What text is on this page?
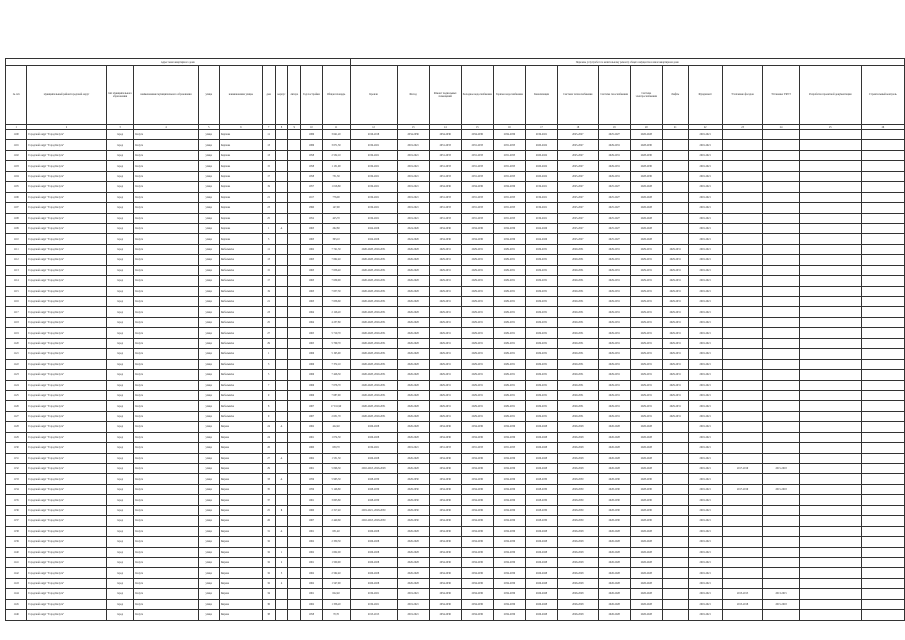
Адрес многоквартирного дома											Перечень услуг/работ по капитальному ремонту общего имущества в многоквартирном доме														
№ п/п	муниципальный район/городской округ	тип муниципального образования	наименование муниципального образования	улица	наименование улицы	дом	корпус	литера	Год постройки	Общая площадь	Кровля	Фасад	Ремонт подвальных помещений	Холодное водоснабжение	Горячее водоснабжение	Канализация	Система теплоснабжения	Система газоснабжения	Система электроснабжения	Лифты	Фундамент	Утепление фасадов	Установка УКУТ	Разработка проектной документации	Строительный контроль
1	2	3	4	5	6	7	8	9	10	11	12	13	14	15	16	17	18	19	20	21	22	23	24	25	26
1100	Городской округ "Город Калуга"	город	Калуга	улица	Карпова	11			1986	3 641,20	2016-2018	2034-2036	2034-2036	2034-2036	2034-2036	2019-2021	2025-2027	2025-2027	2026-2028		2019-2021				
1101	Городской округ "Город Калуга"	город	Калуга	улица	Карпова	13			1986	3 671,30	2019-2021	2019-2021	2031-2033	2031-2033	2031-2033	2020-2022	2025-2027	2029-2031	2028-2030		2019-2021				
1102	Городской округ "Город Калуга"	город	Калуга	улица	Карпова	13			1958	2 532,10	2019-2021	2019-2021	2031-2033	2031-2033	2031-2033	2020-2022	2025-2027	2029-2031	2028-2030		2019-2021				
1103	Городской округ "Город Калуга"	город	Калуга	улица	Карпова	15			1958	1 131,90	2019-2021	2019-2021	2031-2033	2031-2033	2031-2033	2020-2022	2025-2027	2029-2031	2028-2030		2019-2021				
1104	Городской округ "Город Калуга"	город	Калуга	улица	Карпова	17			1958	731,30	2019-2021	2019-2021	2031-2033	2031-2033	2031-2033	2020-2022	2025-2027	2029-2031	2028-2030		2019-2021				
1105	Городской округ "Город Калуга"	город	Калуга	улица	Карпова	19			1957	1 016,80	2019-2021	2019-2021	2034-2036	2034-2036	2034-2036	2019-2021	2025-2027	2025-2027	2026-2028		2019-2021				
1106	Городской округ "Город Калуга"	город	Калуга	улица	Карпова	21			1917	776,00	2019-2021	2019-2021	2031-2033	2031-2033	2031-2033	2019-2021	2025-2027	2025-2027	2026-2028		2019-2021				
1107	Городской округ "Город Калуга"	город	Калуга	улица	Карпова	23			1890	147,90	2019-2021	2019-2021	2031-2033	2031-2033	2031-2033	2019-2021	2025-2027	2025-2027	2026-2028		2019-2021				
1108	Городской овруг "Город Калуга"	город	Калуга	улица	Карпова	25			1952	425,70	2019-2021	2019-2021	2031-2033	2031-2033	2031-2033	2019-2021	2025-2027	2025-2027	2026-2028		2019-2021				
1109	Городской округ "Город Калуга"	город	Калуга	улица	Карпова	1	А		1963	262,80	2024-2026	2024-2026	2034-2036	2034-2036	2034-2036	2024-2026	2025-2027	2025-2027	2026-2028		2019-2021				
1110	Городской округ "Город Калуга"	город	Калуга	улица	Карпова	3			1963	363,10	2024-2026	2024-2026	2034-2036	2034-2036	2034-2036	2024-2026	2025-2027	2025-2027	2026-2028		2019-2021				
1111	Городской округ "Город Калуга"	город	Калуга	улица	Кибальчича	11			1962	7 741,50	2026-2028, 2029-2031	2026-2028	2029-2031	2029-2031	2029-2031	2029-2031	2029-2031	2029-2031	2029-2031	2029-2031	2019-2021				
1112	Городской округ "Город Калуга"	город	Калуга	улица	Кибальчича	13			1963	7 662,40	2026-2028, 2029-2031	2026-2028	2029-2031	2029-2031	2029-2031	2029-2031	2029-2031	2029-2031	2029-2031	2029-2031	2019-2021				
1113	Городской округ "Город Калуга"	город	Калуга	улица	Кибальчича	15			1963	7 656,40	2026-2028, 2029-2031	2026-2028	2029-2031	2029-2031	2029-2031	2029-2031	2029-2031	2029-2031	2029-2031	2029-2031	2019-2021				
1114	Городской округ "Город Калуга"	город	Калуга	улица	Кибальчича	17			1963	7 639,90	2026-2028, 2029-2031	2026-2028	2029-2031	2029-2031	2029-2031	2029-2031	2029-2031	2029-2031	2029-2031	2029-2031	2019-2021				
1115	Городской округ "Город Калуга"	город	Калуга	улица	Кибальчича	19			1963	7 657,30	2026-2028, 2029-2031	2026-2028	2029-2031	2029-2031	2029-2031	2029-2031	2029-2031	2029-2031	2029-2031	2029-2031	2019-2021				
1116	Городской округ "Город Калуга"	город	Калуга	улица	Кибальчича	21			1963	7 656,60	2026-2028, 2029-2031	2026-2028	2029-2031	2029-2031	2029-2031	2029-2031	2029-2031	2029-2031	2029-2031	2029-2031	2019-2021				
1117	Городской округ "Город Калуга"	город	Калуга	улица	Кибальчича	23			1964	2 126,20	2026-2028, 2029-2031	2026-2028	2029-2031	2029-2031	2029-2031	2029-2031	2029-2031	2029-2031	2029-2031	2029-2031	2019-2021				
1118	Городской округ "Город Калуга"	город	Калуга	улица	Кибальчича	25			1964	4 237,80	2026-2028, 2029-2031	2026-2028	2029-2031	2029-2031	2029-2031	2029-2031	2029-2031	2029-2031	2029-2031	2029-2031	2019-2021				
1119	Городской округ "Город Калуга"	город	Калуга	улица	Кибальчича	27			1965	5 710,70	2026-2028, 2029-2031	2026-2028	2029-2031	2029-2031	2029-2031	2029-2031	2029-2031	2029-2031	2029-2031	2029-2031	2019-2021				
1120	Городской округ "Город Калуга"	город	Калуга	улица	Кибальчича	29			1965	5 709,70	2026-2028, 2029-2031	2026-2028	2029-2031	2029-2031	2029-2031	2029-2031	2029-2031	2029-2031	2029-2031	2029-2031	2019-2021				
1121	Городской округ "Город Калуга"	город	Калуга	улица	Кибальчича	1			1966	5 195,90	2026-2028, 2029-2031	2026-2028	2029-2031	2029-2031	2029-2031	2029-2031	2029-2031	2029-2031	2029-2031	2029-2031	2019-2021				
1122	Городской округ "Город Калуга"	город	Калуга	улица	Кибальчича	3			1966	7 372,10	2026-2028, 2029-2031	2026-2028	2029-2031	2029-2031	2029-2031	2029-2031	2029-2031	2029-2031	2029-2031	2029-2031	2019-2021				
1123	Городской округ "Город Калуга"	город	Калуга	улица	Кибальчича	5			1966	7 426,50	2026-2028, 2029-2031	2026-2028	2029-2031	2029-2031	2029-2031	2029-2031	2029-2031	2029-2031	2029-2031	2029-2031	2019-2021				
1124	Городской округ "Город Калуга"	город	Калуга	улица	Кибальчича	7			1966	7 676,70	2026-2028, 2029-2031	2026-2028	2029-2031	2029-2031	2029-2031	2029-2031	2029-2031	2029-2031	2029-2031	2029-2031	2019-2021				
1125	Городской округ "Город Калуга"	город	Калуга	улица	Кибальчича	9			1966	7 687,90	2026-2028, 2029-2031	2026-2028	2029-2031	2029-2031	2029-2031	2029-2031	2029-2031	2029-2031	2029-2031	2029-2031	2019-2021				
1126	Городской округ "Город Калуга"	город	Калуга	улица	Кибальчича	8			1967	17 911,90	2026-2028, 2029-2031	2026-2028	2029-2031	2029-2031	2029-2031	2029-2031	2029-2031	2029-2031	2029-2031	2029-2031	2019-2021				
1127	Городской округ "Город Калуга"	город	Калуга	улица	Кибальчича	9			1967	2 631,70	2026-2028, 2029-2031	2026-2028	2029-2031	2029-2031	2029-2031	2029-2031	2029-2031	2029-2031	2029-2031	2029-2031	2019-2021				
1128	Городской округ "Город Калуга"	город	Калуга	улица	Кирова	24	А		1962	422,40	2026-2028	2026-2028	2034-2036	2034-2036	2034-2036	2026-2028	2026-2028	2026-2028	2026-2028		2019-2021				
1129	Городской округ "Город Калуга"	город	Калуга	улица	Кирова	24			1961	1 074,50	2026-2028	2026-2028	2034-2036	2034-2036	2034-2036	2026-2028	2026-2028	2026-2028	2026-2028		2019-2021				
1130	Городской округ "Город Калуга"	город	Калуга	улица	Кирова	26			1960	630,70	2019-2021	2019-2021	2031-2033	2031-2033	2031-2033	2026-2028	2026-2028	2026-2028	2026-2028		2019-2021				
1131	Городской округ "Город Калуга"	город	Калуга	улица	Кирова	27	А		1962	1 531,50	2026-2028	2026-2028	2034-2036	2034-2036	2034-2036	2026-2028	2026-2028	2026-2028	2026-2028		2019-2021				
1132	Городской округ "Город Калуга"	город	Калуга	улица	Кирова	29			1961	5 096,30	2016-2018, 2026-2028	2026-2028	2034-2036	2034-2036	2034-2036	2026-2028	2026-2028	2026-2028	2026-2028		2019-2021	2017-2019	2015-2018		
1133	Городской округ "Город Калуга"	город	Калуга	улица	Кирова	33	А		1959	5 963,50	2028-2030	2028-2030	2034-2036	2034-2036	2034-2036	2028-2030	2028-2030	2028-2030	2028-2030		2019-2021				
1134	Городской округ "Город Калуга"	город	Калуга	улица	Кирова	35			1959	5 146,80	2028-2030	2028-2030	2034-2036	2034-2036	2034-2036	2028-2030	2028-2030	2028-2030	2028-2030		2019-2021	2017-2019	2015-2018		
1135	Городской округ "Город Калуга"	город	Калуга	улица	Кирова	37			1961	3 603,80	2028-2030	2028-2030	2034-2036	2034-2036	2034-2036	2028-2030	2028-2030	2028-2030	2028-2030		2019-2021				
1136	Городской округ "Город Калуга"	город	Калуга	улица	Кирова	25	Б		1960	2 317,40	2019-2021, 2028-2030	2028-2030	2034-2036	2034-2036	2034-2036	2028-2030	2028-2030	2028-2030	2028-2030		2019-2021				
1137	Городской округ "Город Калуга"	город	Калуга	улица	Кирова	26			1967	2 440,60	2016-2018, 2028-2030	2028-2030	2034-2036	2034-2036	2034-2036	2028-2030	2028-2030	2028-2030	2028-2030		2019-2021				
1138	Городской округ "Город Калуга"	город	Калуга	улица	Кирова	31	А		1961	631,40	2026-2028	2026-2028	2034-2036	2034-2036	2034-2036	2026-2028	2026-2028	2026-2028	2026-2028		2019-2021				
1139	Городской округ "Город Калуга"	город	Калуга	улица	Кирова	32			1962	2 330,50	2026-2028	2026-2028	2034-2036	2034-2036	2034-2036	2026-2028	2026-2028	2026-2028	2026-2028		2019-2021				
1140	Городской округ "Город Калуга"	город	Калуга	улица	Кирова	32	1		1962	1 602,00	2026-2028	2026-2028	2034-2036	2034-2036	2034-2036	2026-2028	2026-2028	2026-2028	2026-2028		2019-2021				
1141	Городской округ "Город Калуга"	город	Калуга	улица	Кирова	32	2		1961	1 500,90	2026-2028	2026-2028	2034-2036	2034-2036	2034-2036	2026-2028	2026-2028	2026-2028	2026-2028		2019-2021				
1142	Городской округ "Город Калуга"	город	Калуга	улица	Кирова	32	3		1962	2 562,40	2026-2028	2026-2028	2034-2036	2034-2036	2034-2036	2026-2028	2026-2028	2026-2028	2026-2028		2019-2021				
1143	Городской округ "Город Калуга"	город	Калуга	улица	Кирова	32	4		1962	1 547,90	2026-2028	2026-2028	2034-2036	2034-2036	2034-2036	2026-2028	2026-2028	2026-2028	2026-2028		2019-2021				
1144	Городской округ "Город Калуга"	город	Калуга	улица	Кирова	34			1961	622,40	2019-2021	2019-2021	2034-2036	2034-2036	2034-2036	2026-2028	2026-2028	2026-2028	2026-2028		2019-2021	2013-2015	2013-2015		
1145	Городской округ "Город Калуга"	город	Калуга	улица	Кирова	36			1962	1 356,20	2019-2021	2019-2021	2034-2036	2034-2036	2034-2036	2026-2028	2026-2028	2026-2028	2026-2028		2019-2021	2015-2018	2015-2018		
1146	Городской округ "Город Калуга"	город	Калуга	улица	Кирова	38			1958	70,70	2013-2015	2019-2021	2034-2036	2034-2036	2034-2036	2026-2028	2026-2028	2026-2028	2026-2028		2019-2021				
